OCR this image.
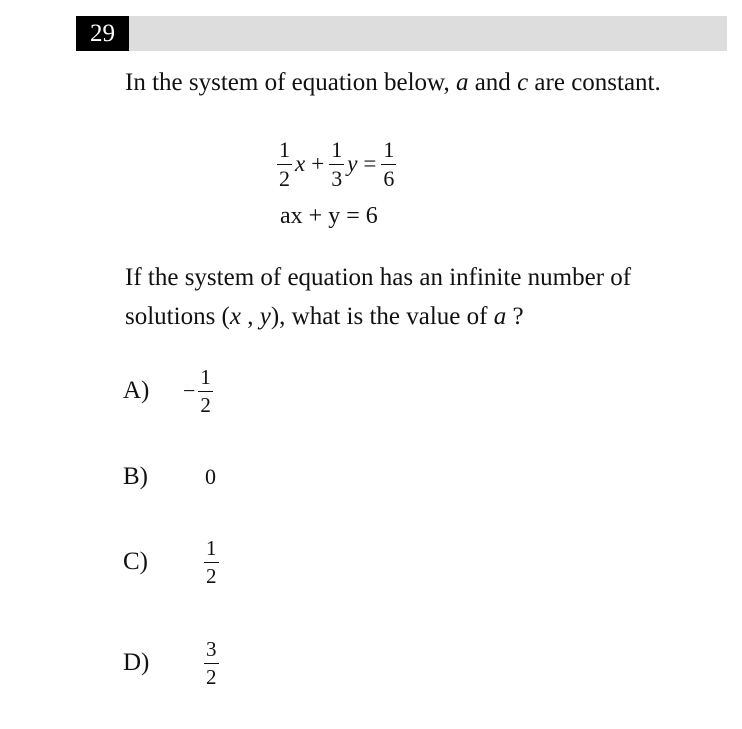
29
In the system of equation below, a and c are constant.
$\frac{1}{2}$ $x + \frac{1}{3}$ $y = \frac{1}{6}$
ax + y = 6
If the system of equation has an infinite number of
solutions (x , y), what is the value of a ?
A)	− $\frac{1}{2}$
B)	0
C)	$\frac{1}{2}$
D)	$\frac{3}{2}$
